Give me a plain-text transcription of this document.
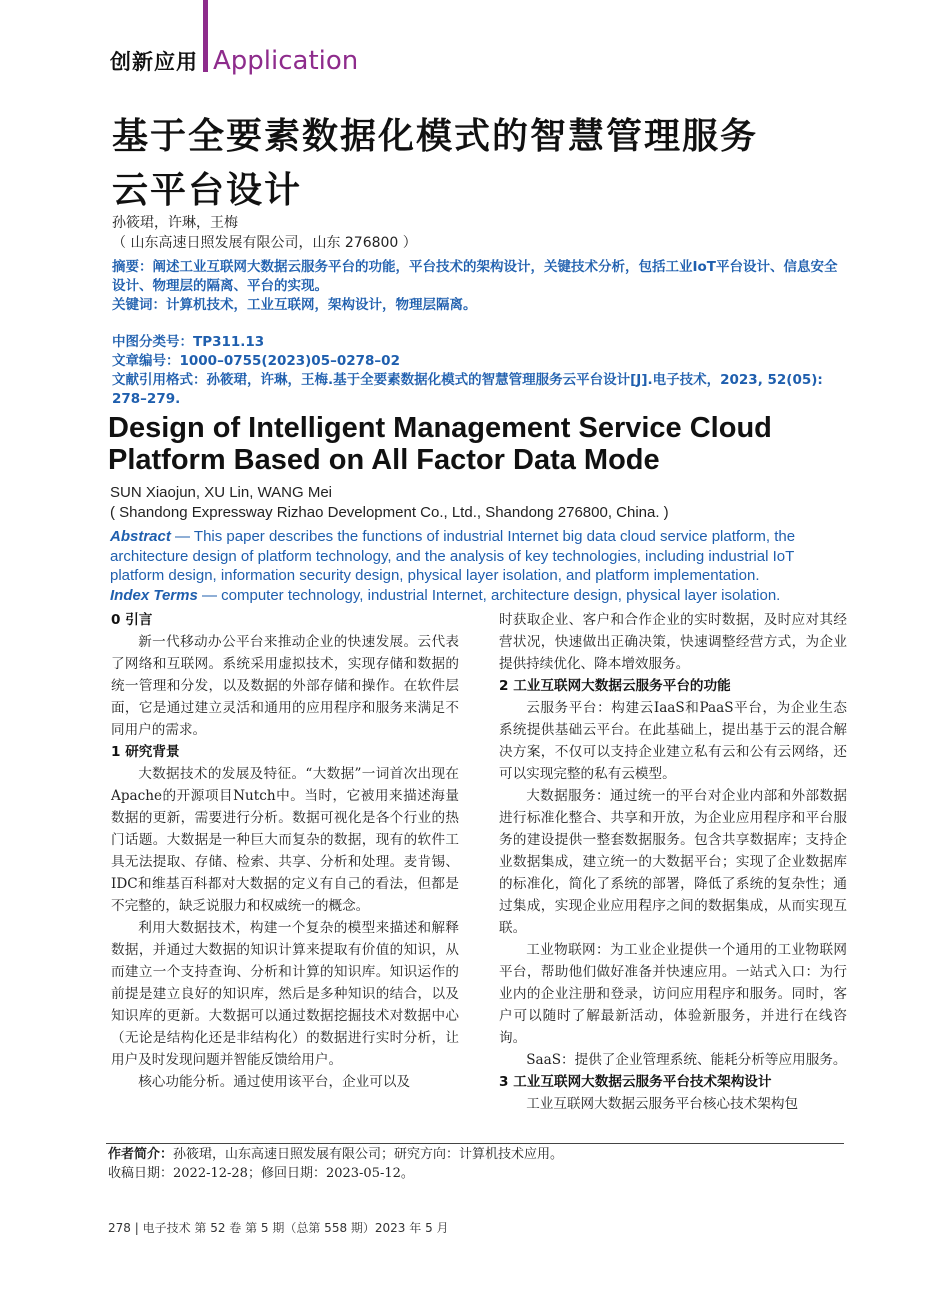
创新应用 Application
基于全要素数据化模式的智慧管理服务
云平台设计
孙筱珺，许琳，王梅
（ 山东高速日照发展有限公司，山东 276800 ）
摘要：阐述工业互联网大数据云服务平台的功能，平台技术的架构设计，关键技术分析，包括工业IoT平台设计、信息安全设计、物理层的隔离、平台的实现。
关键词：计算机技术，工业互联网，架构设计，物理层隔离。
中图分类号：TP311.13
文章编号：1000–0755(2023)05–0278–02
文献引用格式：孙筱珺，许琳，王梅.基于全要素数据化模式的智慧管理服务云平台设计[J].电子技术，2023, 52(05): 278–279.
Design of Intelligent Management Service Cloud
Platform Based on All Factor Data Mode
SUN Xiaojun, XU Lin, WANG Mei
( Shandong Expressway Rizhao Development Co., Ltd., Shandong 276800, China. )
Abstract — This paper describes the functions of industrial Internet big data cloud service platform, the architecture design of platform technology, and the analysis of key technologies, including industrial IoT platform design, information security design, physical layer isolation, and platform implementation.
Index Terms — computer technology, industrial Internet, architecture design, physical layer isolation.
0 引言

新一代移动办公平台来推动企业的快速发展。云代表了网络和互联网。系统采用虚拟技术，实现存储和数据的统一管理和分发，以及数据的外部存储和操作。在软件层面，它是通过建立灵活和通用的应用程序和服务来满足不同用户的需求。

1 研究背景

大数据技术的发展及特征。“大数据”一词首次出现在Apache的开源项目Nutch中。当时，它被用来描述海量数据的更新，需要进行分析。数据可视化是各个行业的热门话题。大数据是一种巨大而复杂的数据，现有的软件工具无法提取、存储、检索、共享、分析和处理。麦肯锡、IDC和维基百科都对大数据的定义有自己的看法，但都是不完整的，缺乏说服力和权威统一的概念。

利用大数据技术，构建一个复杂的模型来描述和解释数据，并通过大数据的知识计算来提取有价值的知识，从而建立一个支持查询、分析和计算的知识库。知识运作的前提是建立良好的知识库，然后是多种知识的结合，以及知识库的更新。大数据可以通过数据挖掘技术对数据中心（无论是结构化还是非结构化）的数据进行实时分析，让用户及时发现问题并智能反馈给用户。

核心功能分析。通过使用该平台，企业可以及

时获取企业、客户和合作企业的实时数据，及时应对其经营状况，快速做出正确决策，快速调整经营方式，为企业提供持续优化、降本增效服务。

2 工业互联网大数据云服务平台的功能

云服务平台：构建云IaaS和PaaS平台，为企业生态系统提供基础云平台。在此基础上，提出基于云的混合解决方案，不仅可以支持企业建立私有云和公有云网络，还可以实现完整的私有云模型。

大数据服务：通过统一的平台对企业内部和外部数据进行标准化整合、共享和开放，为企业应用程序和平台服务的建设提供一整套数据服务。包含共享数据库；支持企业数据集成，建立统一的大数据平台；实现了企业数据库的标准化，简化了系统的部署，降低了系统的复杂性；通过集成，实现企业应用程序之间的数据集成，从而实现互联。

工业物联网：为工业企业提供一个通用的工业物联网平台，帮助他们做好准备并快速应用。一站式入口：为行业内的企业注册和登录，访问应用程序和服务。同时，客户可以随时了解最新活动，体验新服务，并进行在线咨询。

SaaS：提供了企业管理系统、能耗分析等应用服务。

3 工业互联网大数据云服务平台技术架构设计

工业互联网大数据云服务平台核心技术架构包

作者简介：孙筱珺，山东高速日照发展有限公司；研究方向：计算机技术应用。
收稿日期：2022-12-28；修回日期：2023-05-12。
278 | 电子技术 第 52 卷 第 5 期（总第 558 期）2023 年 5 月
